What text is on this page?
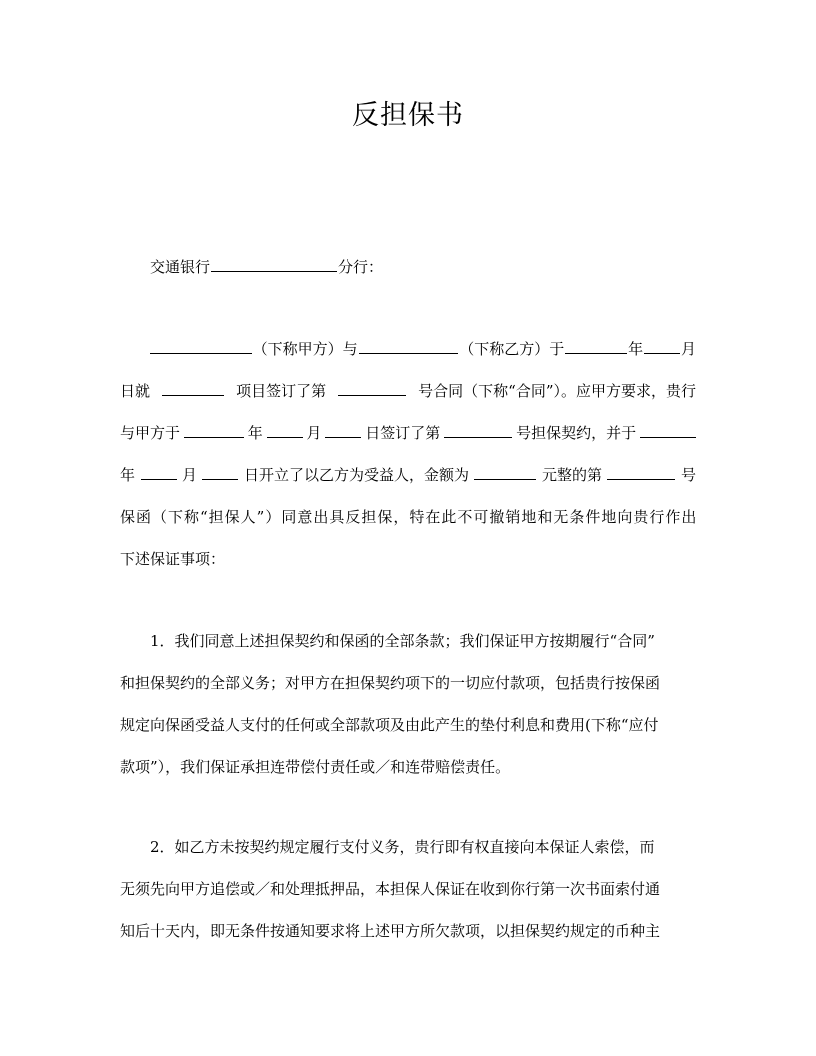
反担保书
交通银行	分行：
（下称甲方）与	（下称乙方）于	年	月
日就	项目签订了第	号合同（下称“合同”）。应甲方要求，贵行
与甲方于	年	月	日签订了第	号担保契约，并于
年	月	日开立了以乙方为受益人，金额为	元整的第	号
保函（下称“担保人”）同意出具反担保，特在此不可撤销地和无条件地向贵行作出
下述保证事项：
1．我们同意上述担保契约和保函的全部条款；我们保证甲方按期履行“合同”
和担保契约的全部义务；对甲方在担保契约项下的一切应付款项，包括贵行按保函
规定向保函受益人支付的任何或全部款项及由此产生的垫付利息和费用(下称“应付
款项”），我们保证承担连带偿付责任或／和连带赔偿责任。
2．如乙方未按契约规定履行支付义务，贵行即有权直接向本保证人索偿，而
无须先向甲方追偿或／和处理抵押品，本担保人保证在收到你行第一次书面索付通
知后十天内，即无条件按通知要求将上述甲方所欠款项，以担保契约规定的币种主
